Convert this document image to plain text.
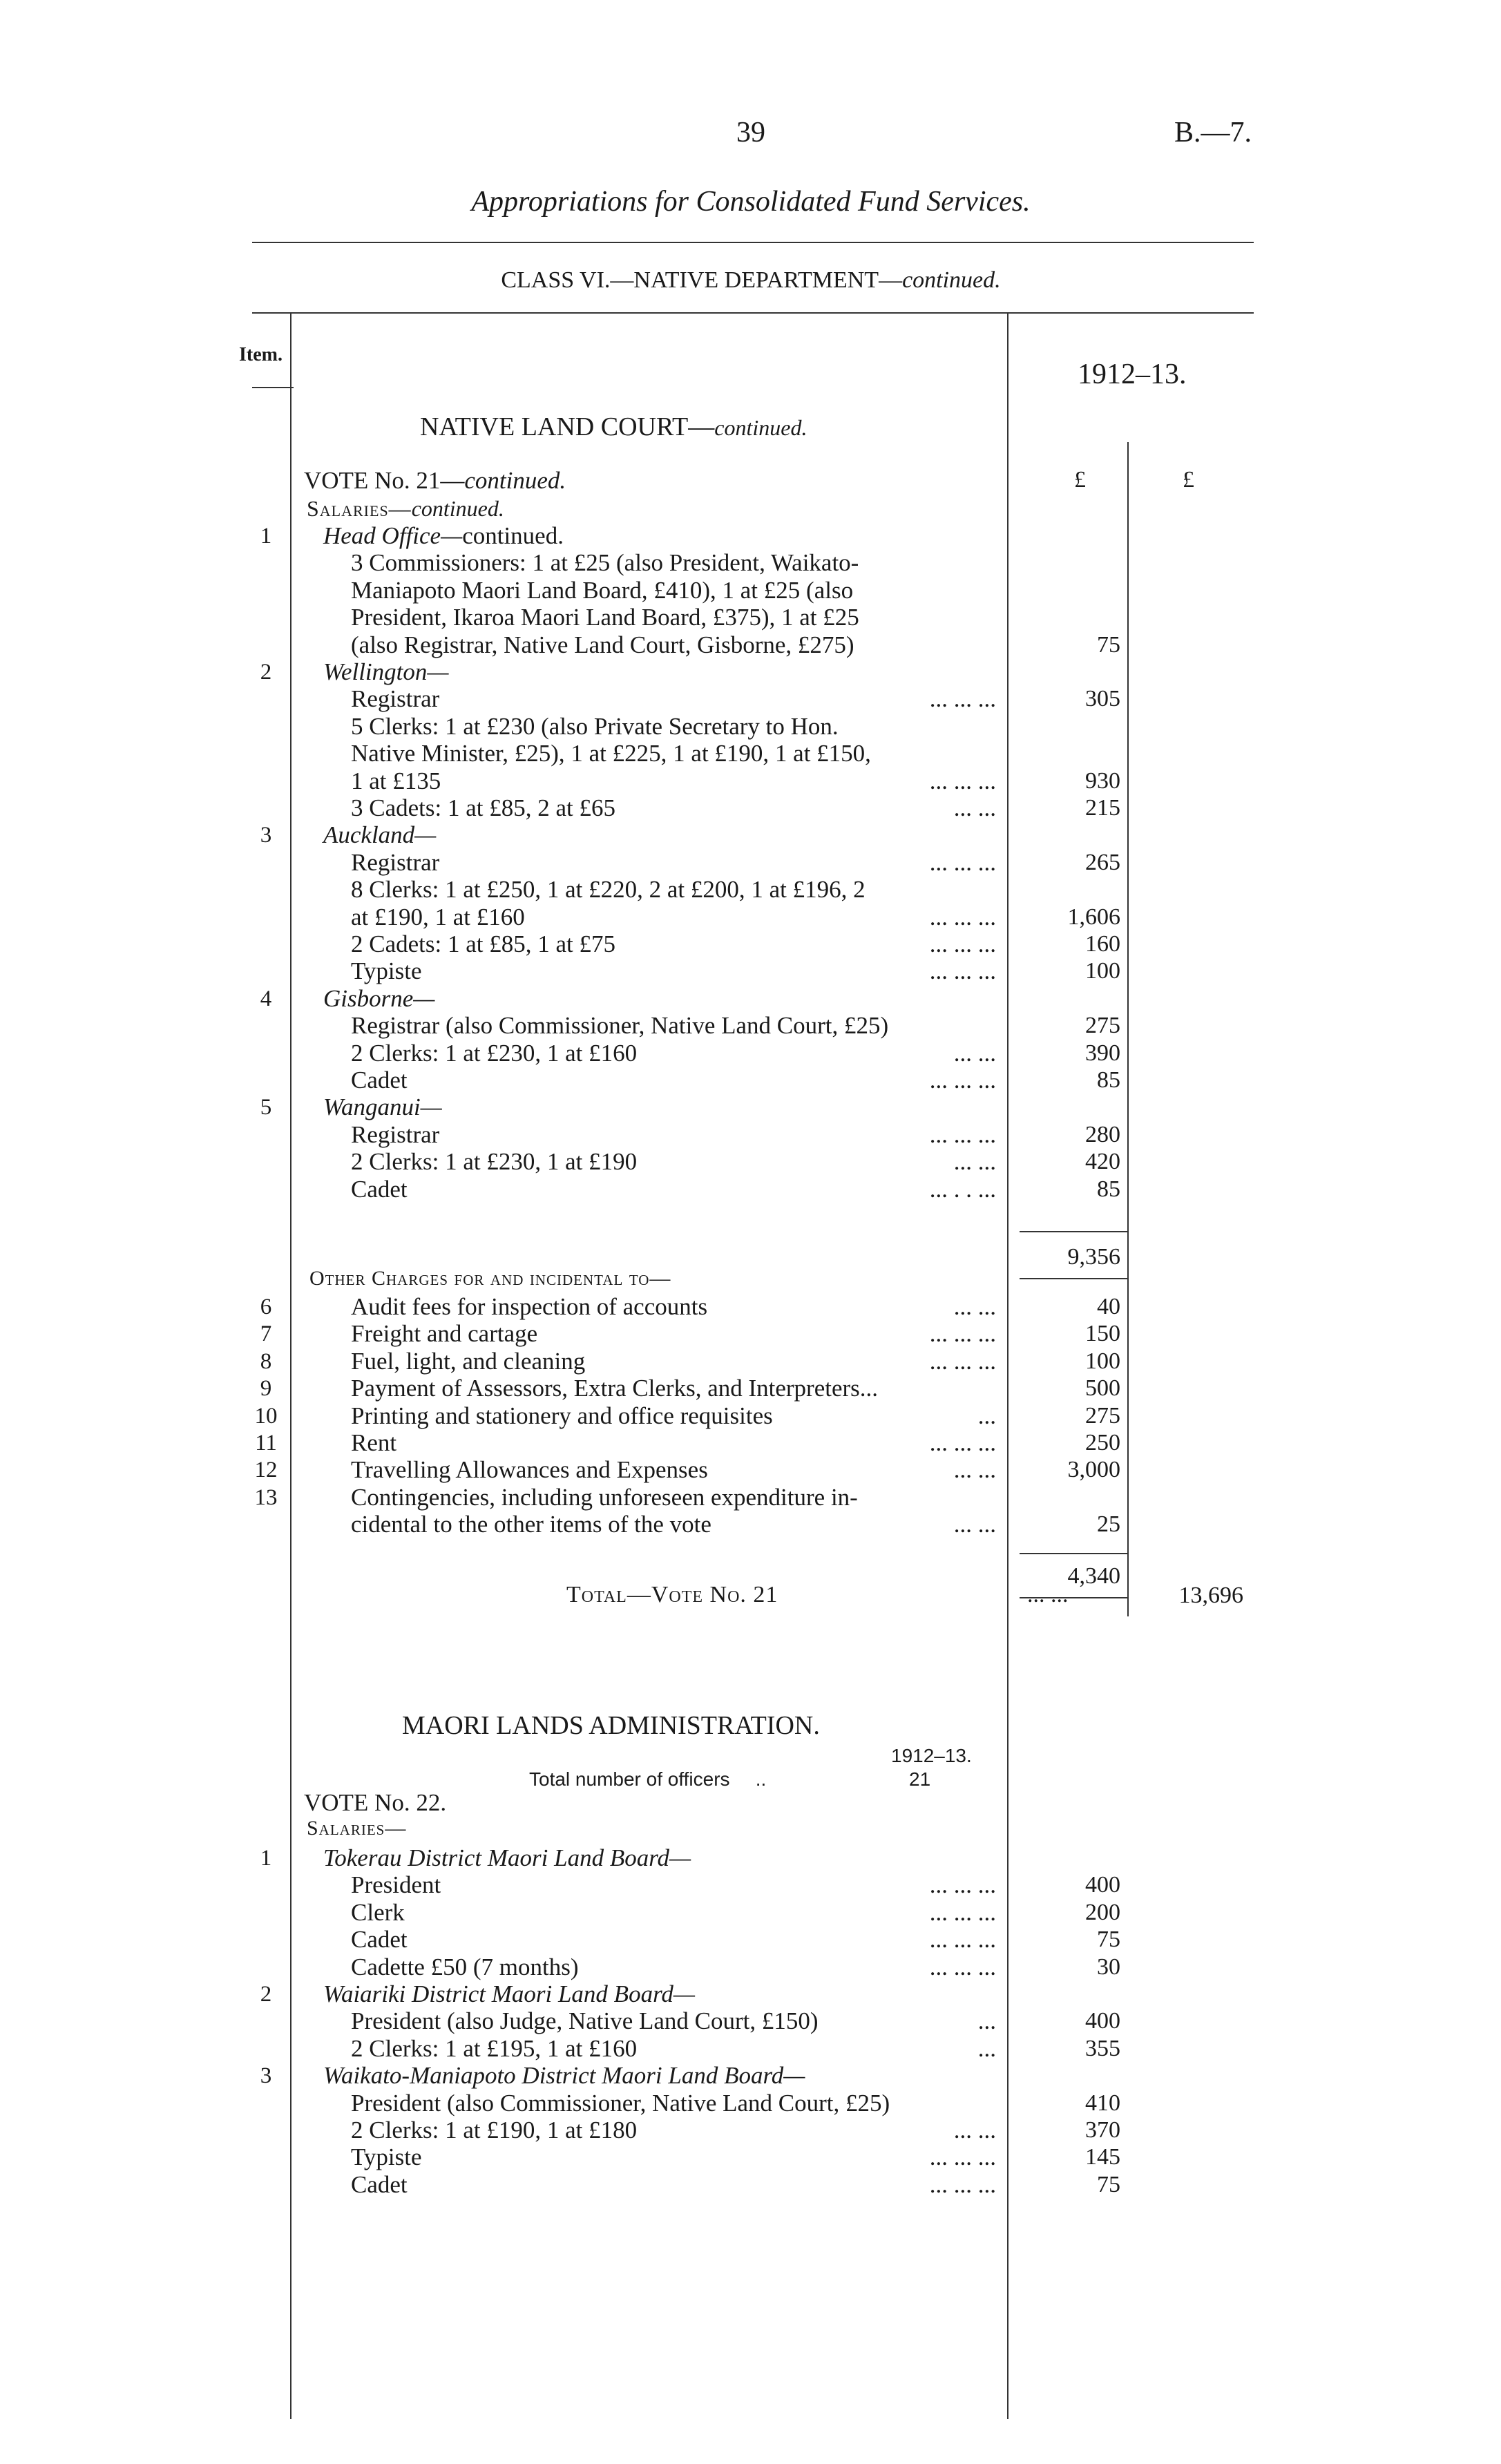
39	B.—7.
Appropriations for Consolidated Fund Services.
CLASS VI.—NATIVE DEPARTMENT—continued.
Item.
1912–13.
£	£
NATIVE LAND COURT—continued.
VOTE No. 21—continued.
Salaries—continued.
1	Head Office—continued.
3 Commissioners: 1 at £25 (also President, Waikato-
Maniapoto Maori Land Board, £410), 1 at £25 (also
President, Ikaroa Maori Land Board, £375), 1 at £25
(also Registrar, Native Land Court, Gisborne, £275)	75
2	Wellington—
Registrar	... ... ...	305
5 Clerks: 1 at £230 (also Private Secretary to Hon.
Native Minister, £25), 1 at £225, 1 at £190, 1 at £150,
1 at £135	... ... ...	930
3 Cadets: 1 at £85, 2 at £65	... ...	215
3	Auckland—
Registrar	... ... ...	265
8 Clerks: 1 at £250, 1 at £220, 2 at £200, 1 at £196, 2
at £190, 1 at £160	... ... ...	1,606
2 Cadets: 1 at £85, 1 at £75	... ... ...	160
Typiste	... ... ...	100
4	Gisborne—
Registrar (also Commissioner, Native Land Court, £25)	275
2 Clerks: 1 at £230, 1 at £160	... ...	390
Cadet	... ... ...	85
5	Wanganui—
Registrar	... ... ...	280
2 Clerks: 1 at £230, 1 at £190	... ...	420
Cadet	... . . ...	85
9,356
Other Charges for and incidental to—
6	Audit fees for inspection of accounts	... ...	40
7	Freight and cartage	... ... ...	150
8	Fuel, light, and cleaning	... ... ...	100
9	Payment of Assessors, Extra Clerks, and Interpreters...	500
10	Printing and stationery and office requisites	...	275
11	Rent	... ... ...	250
12	Travelling Allowances and Expenses	... ...	3,000
13	Contingencies, including unforeseen expenditure in-
cidental to the other items of the vote	... ...	25
4,340
Total—Vote No. 21	... ...	13,696
MAORI LANDS ADMINISTRATION.
1912–13.
Total number of officers ..	21
VOTE No. 22.
Salaries—
1	Tokerau District Maori Land Board—
President	... ... ...	400
Clerk	... ... ...	200
Cadet	... ... ...	75
Cadette £50 (7 months)	... ... ...	30
2	Waiariki District Maori Land Board—
President (also Judge, Native Land Court, £150)	...	400
2 Clerks: 1 at £195, 1 at £160	...	355
3	Waikato-Maniapoto District Maori Land Board—
President (also Commissioner, Native Land Court, £25)	410
2 Clerks: 1 at £190, 1 at £180	... ...	370
Typiste	... ... ...	145
Cadet	... ... ...	75
